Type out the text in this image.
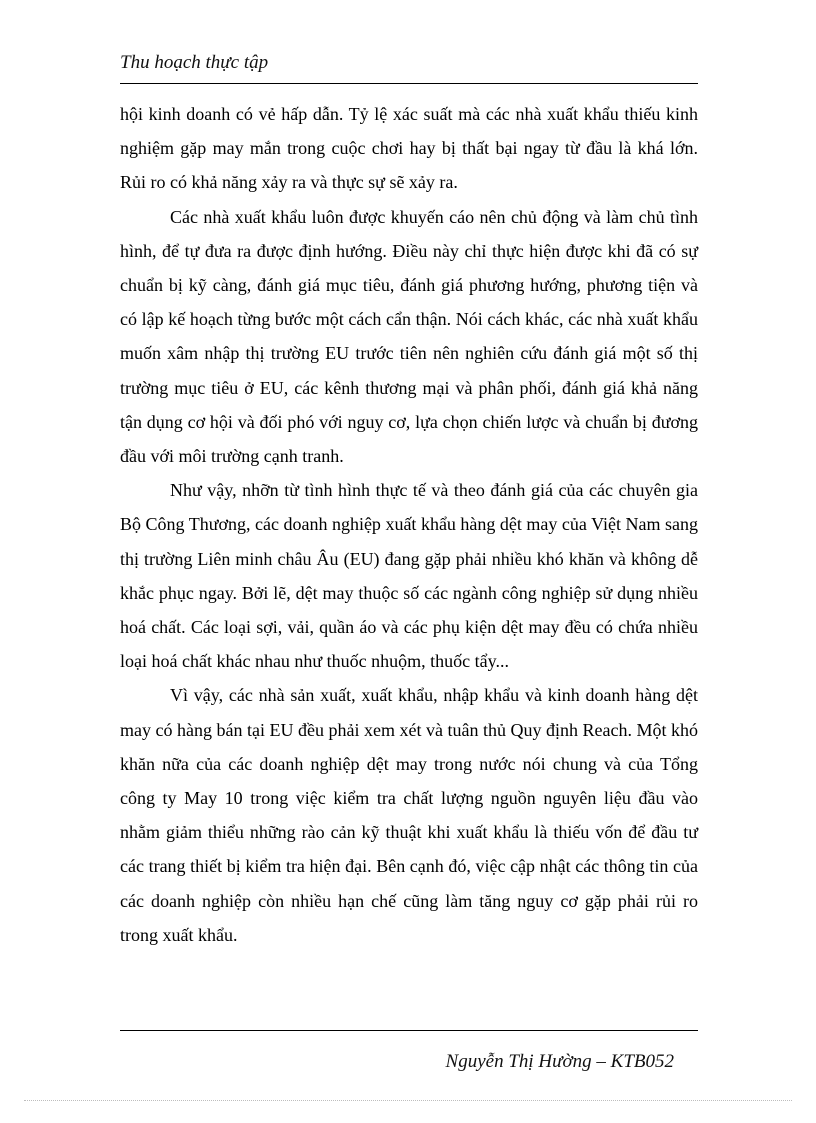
Thu hoạch thực tập

hội kinh doanh có vẻ hấp dẫn. Tỷ lệ xác suất mà các nhà xuất khẩu thiếu kinh nghiệm gặp may mắn trong cuộc chơi hay bị thất bại ngay từ đầu là khá lớn. Rủi ro có khả năng xảy ra và thực sự sẽ xảy ra.

Các nhà xuất khẩu luôn được khuyến cáo nên chủ động và làm chủ tình hình, để tự đưa ra được định hướng. Điều này chỉ thực hiện được khi đã có sự chuẩn bị kỹ càng, đánh giá mục tiêu, đánh giá phương hướng, phương tiện và có lập kế hoạch từng bước một cách cẩn thận. Nói cách khác, các nhà xuất khẩu muốn xâm nhập thị trường EU trước tiên nên nghiên cứu đánh giá một số thị trường mục tiêu ở EU, các kênh thương mại và phân phối, đánh giá khả năng tận dụng cơ hội và đối phó với nguy cơ, lựa chọn chiến lược và chuẩn bị đương đầu với môi trường cạnh tranh.

Như vậy, nhỡn từ tình hình thực tế và theo đánh giá của các chuyên gia Bộ Công Thương, các doanh nghiệp xuất khẩu hàng dệt may của Việt Nam sang thị trường Liên minh châu Âu (EU) đang gặp phải nhiều khó khăn và không dễ khắc phục ngay. Bởi lẽ, dệt may thuộc số các ngành công nghiệp sử dụng nhiều hoá chất. Các loại sợi, vải, quần áo và các phụ kiện dệt may đều có chứa nhiều loại hoá chất khác nhau như thuốc nhuộm, thuốc tẩy...

Vì vậy, các nhà sản xuất, xuất khẩu, nhập khẩu và kinh doanh hàng dệt may có hàng bán tại EU đều phải xem xét và tuân thủ Quy định Reach. Một khó khăn nữa của các doanh nghiệp dệt may trong nước nói chung và của Tổng công ty May 10 trong việc kiểm tra chất lượng nguồn nguyên liệu đầu vào nhằm giảm thiểu những rào cản kỹ thuật khi xuất khẩu là thiếu vốn để đầu tư các trang thiết bị kiểm tra hiện đại. Bên cạnh đó, việc cập nhật các thông tin của các doanh nghiệp còn nhiều hạn chế cũng làm tăng nguy cơ gặp phải rủi ro trong xuất khẩu.

Nguyễn Thị Hường – KTB052
